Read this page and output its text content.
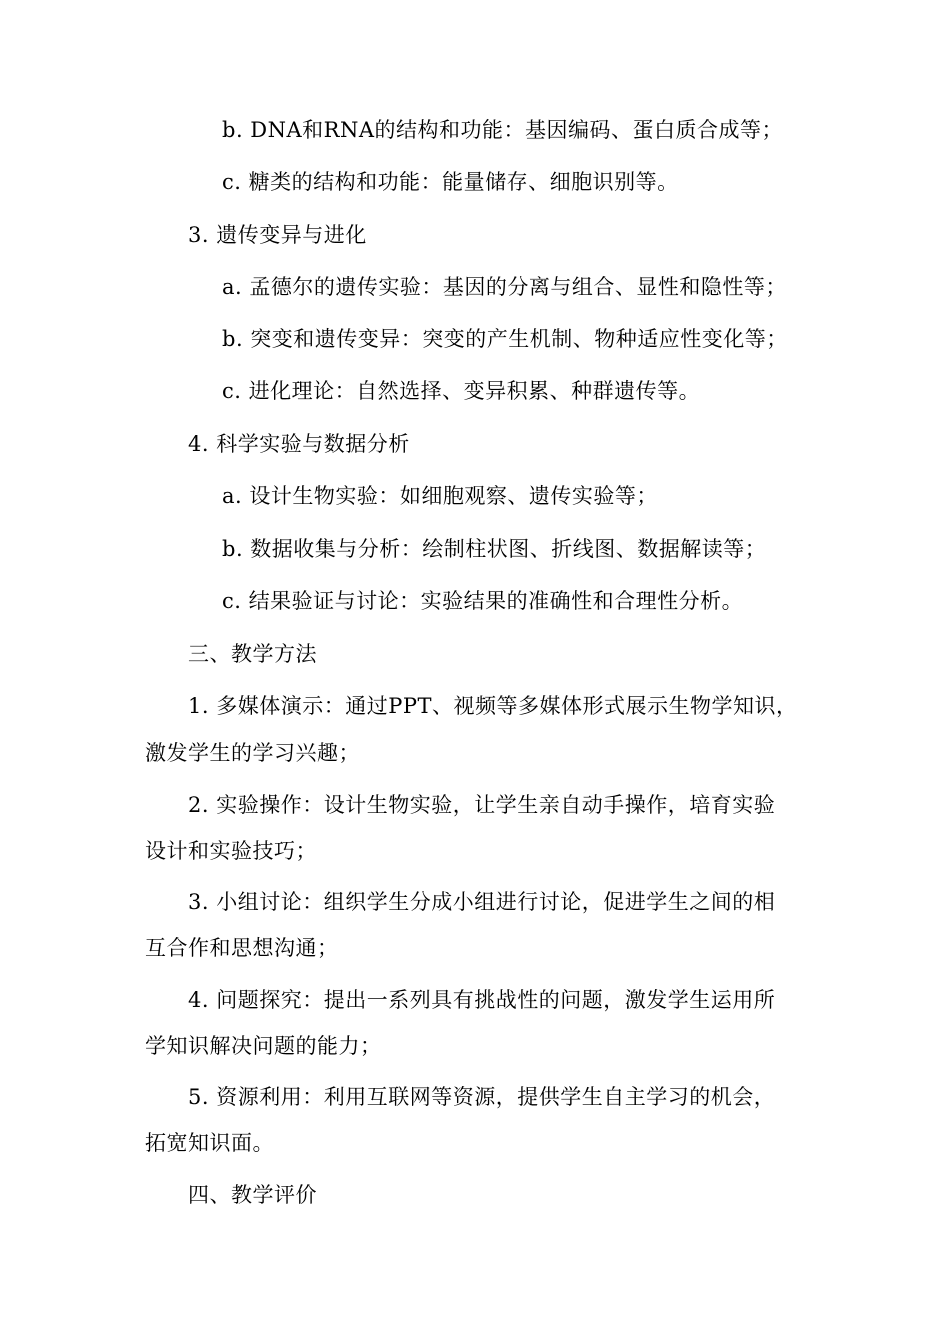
b. DNA和RNA的结构和功能：基因编码、蛋白质合成等；
c. 糖类的结构和功能：能量储存、细胞识别等。
3. 遗传变异与进化
a. 孟德尔的遗传实验：基因的分离与组合、显性和隐性等；
b. 突变和遗传变异：突变的产生机制、物种适应性变化等；
c. 进化理论：自然选择、变异积累、种群遗传等。
4. 科学实验与数据分析
a. 设计生物实验：如细胞观察、遗传实验等；
b. 数据收集与分析：绘制柱状图、折线图、数据解读等；
c. 结果验证与讨论：实验结果的准确性和合理性分析。
三、教学方法
1. 多媒体演示：通过PPT、视频等多媒体形式展示生物学知识，
激发学生的学习兴趣；
2. 实验操作：设计生物实验，让学生亲自动手操作，培育实验
设计和实验技巧；
3. 小组讨论：组织学生分成小组进行讨论，促进学生之间的相
互合作和思想沟通；
4. 问题探究：提出一系列具有挑战性的问题，激发学生运用所
学知识解决问题的能力；
5. 资源利用：利用互联网等资源，提供学生自主学习的机会，
拓宽知识面。
四、教学评价
